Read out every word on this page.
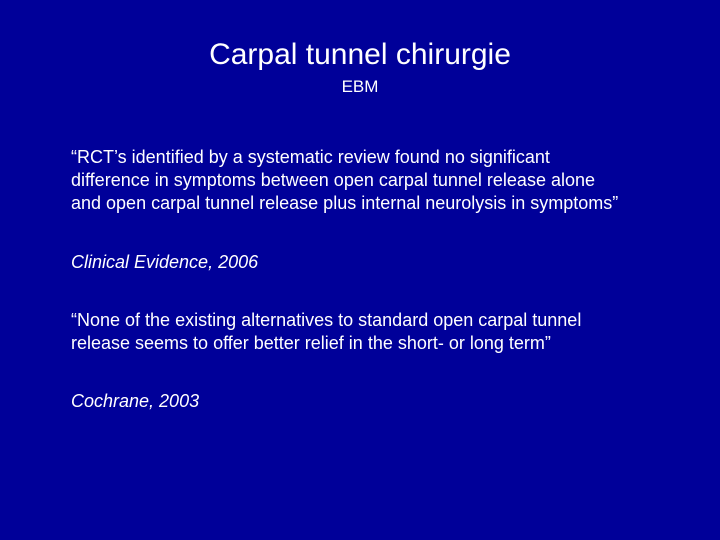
Carpal tunnel chirurgie
EBM
“RCT’s identified by a systematic review found no significant
difference in symptoms between open carpal tunnel release alone
and open carpal tunnel release plus internal neurolysis in symptoms”
Clinical Evidence, 2006
“None of the existing alternatives to standard open carpal tunnel
release seems to offer better relief in the short- or long term”
Cochrane, 2003
